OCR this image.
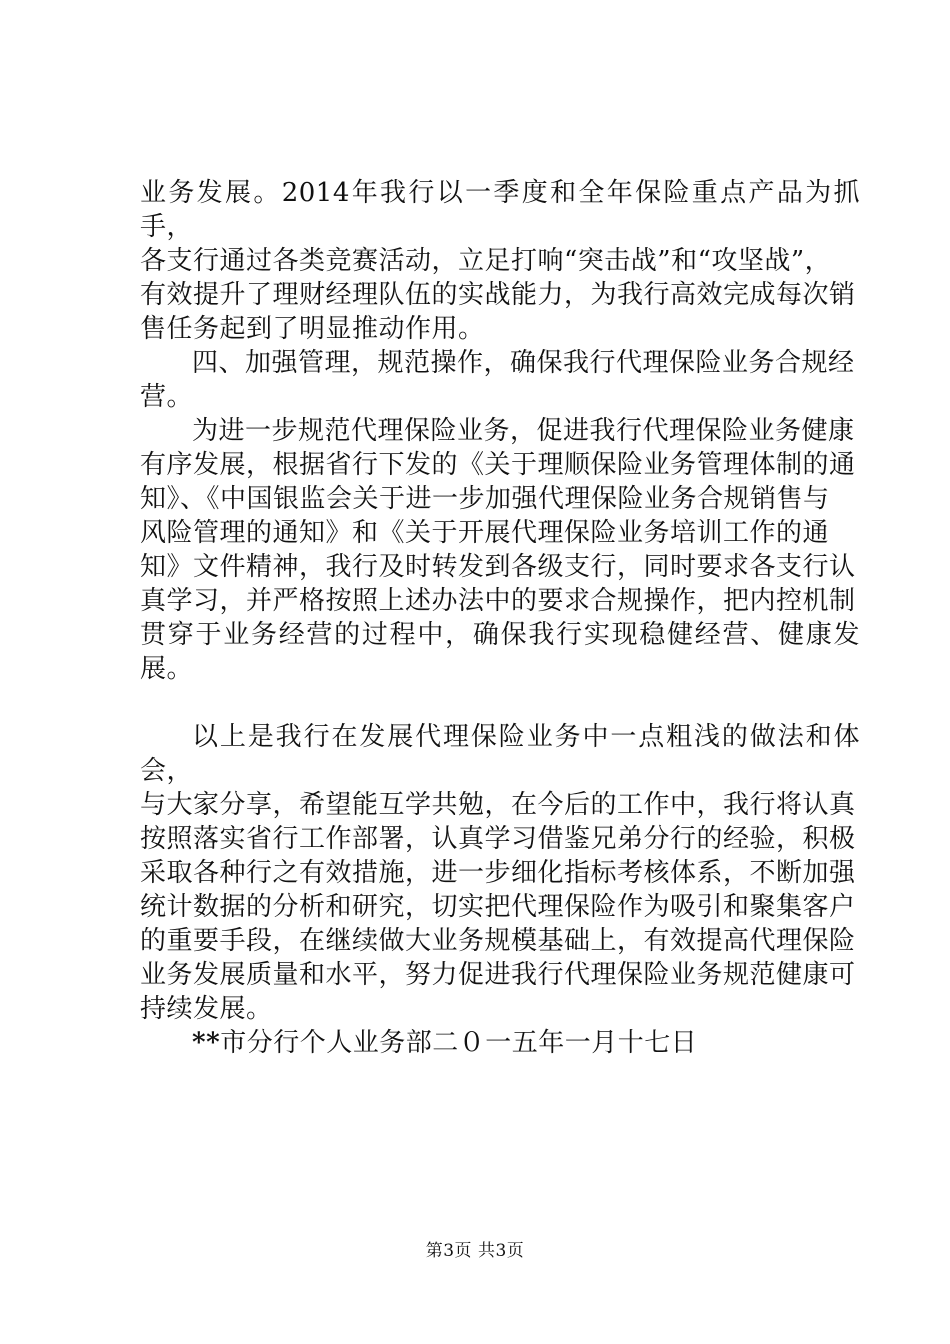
业务发展。2014年我行以一季度和全年保险重点产品为抓手，
各支行通过各类竞赛活动，立足打响“突击战”和“攻坚战”，
有效提升了理财经理队伍的实战能力，为我行高效完成每次销
售任务起到了明显推动作用。

四、加强管理，规范操作，确保我行代理保险业务合规经
营。

为进一步规范代理保险业务，促进我行代理保险业务健康
有序发展，根据省行下发的《关于理顺保险业务管理体制的通
知》、《中国银监会关于进一步加强代理保险业务合规销售与
风险管理的通知》和《关于开展代理保险业务培训工作的通
知》文件精神，我行及时转发到各级支行，同时要求各支行认
真学习，并严格按照上述办法中的要求合规操作，把内控机制
贯穿于业务经营的过程中，确保我行实现稳健经营、健康发展。

以上是我行在发展代理保险业务中一点粗浅的做法和体会，
与大家分享，希望能互学共勉，在今后的工作中，我行将认真
按照落实省行工作部署，认真学习借鉴兄弟分行的经验，积极
采取各种行之有效措施，进一步细化指标考核体系，不断加强
统计数据的分析和研究，切实把代理保险作为吸引和聚集客户
的重要手段，在继续做大业务规模基础上，有效提高代理保险
业务发展质量和水平，努力促进我行代理保险业务规范健康可
持续发展。

**市分行个人业务部二０一五年一月十七日

第3页 共3页
